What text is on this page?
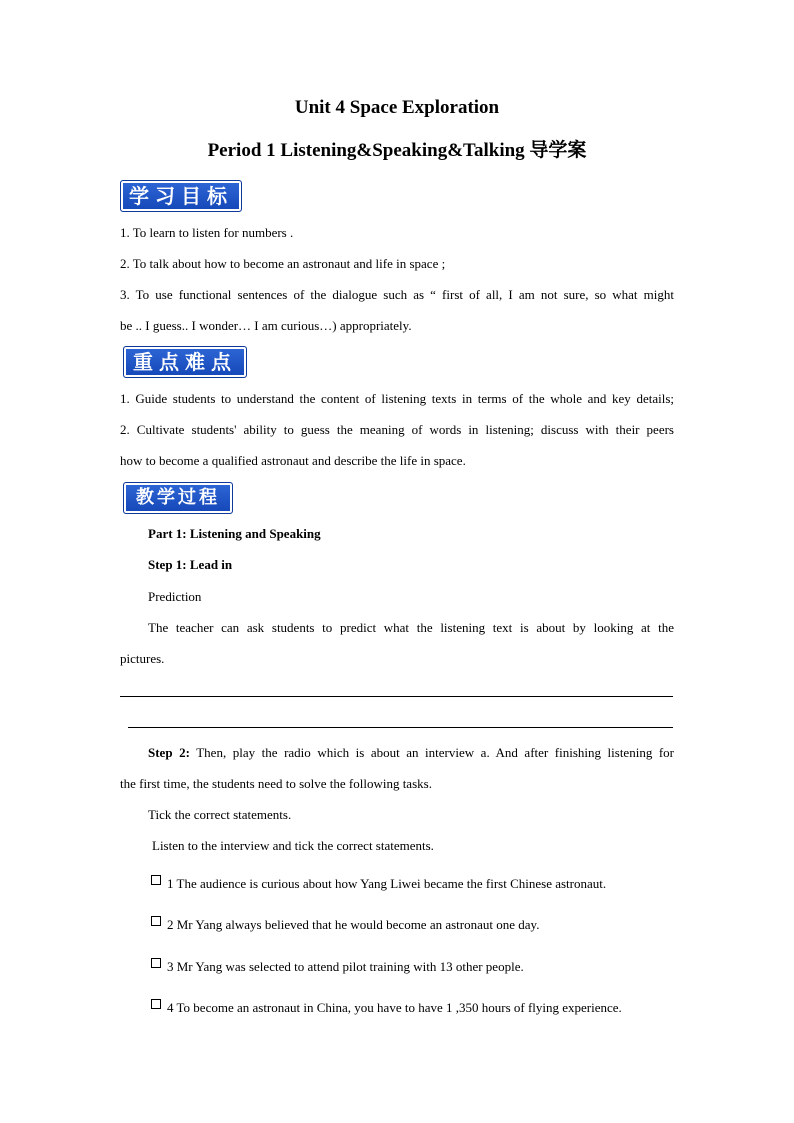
Unit 4 Space Exploration
Period 1 Listening&Speaking&Talking 导学案
学习目标
1. To learn to listen for numbers .
2. To talk about how to become an astronaut and life in space ;
3. To use functional sentences of the dialogue such as “ first of all, I am not sure, so what might
be .. I guess.. I wonder… I am curious…) appropriately.
重点难点
1. Guide students to understand the content of listening texts in terms of the whole and key details;
2. Cultivate students' ability to guess the meaning of words in listening; discuss with their peers
how to become a qualified astronaut and describe the life in space.
教学过程
Part 1: Listening and Speaking
Step 1: Lead in
Prediction
The teacher can ask students to predict what the listening text is about by looking at the
pictures.
Step 2: Then, play the radio which is about an interview a. And after finishing listening for
the first time, the students need to solve the following tasks.
Tick the correct statements.
Listen to the interview and tick the correct statements.
1 The audience is curious about how Yang Liwei became the first Chinese astronaut.
2 Mr Yang always believed that he would become an astronaut one day.
3 Mr Yang was selected to attend pilot training with 13 other people.
4 To become an astronaut in China, you have to have 1 ,350 hours of flying experience.
